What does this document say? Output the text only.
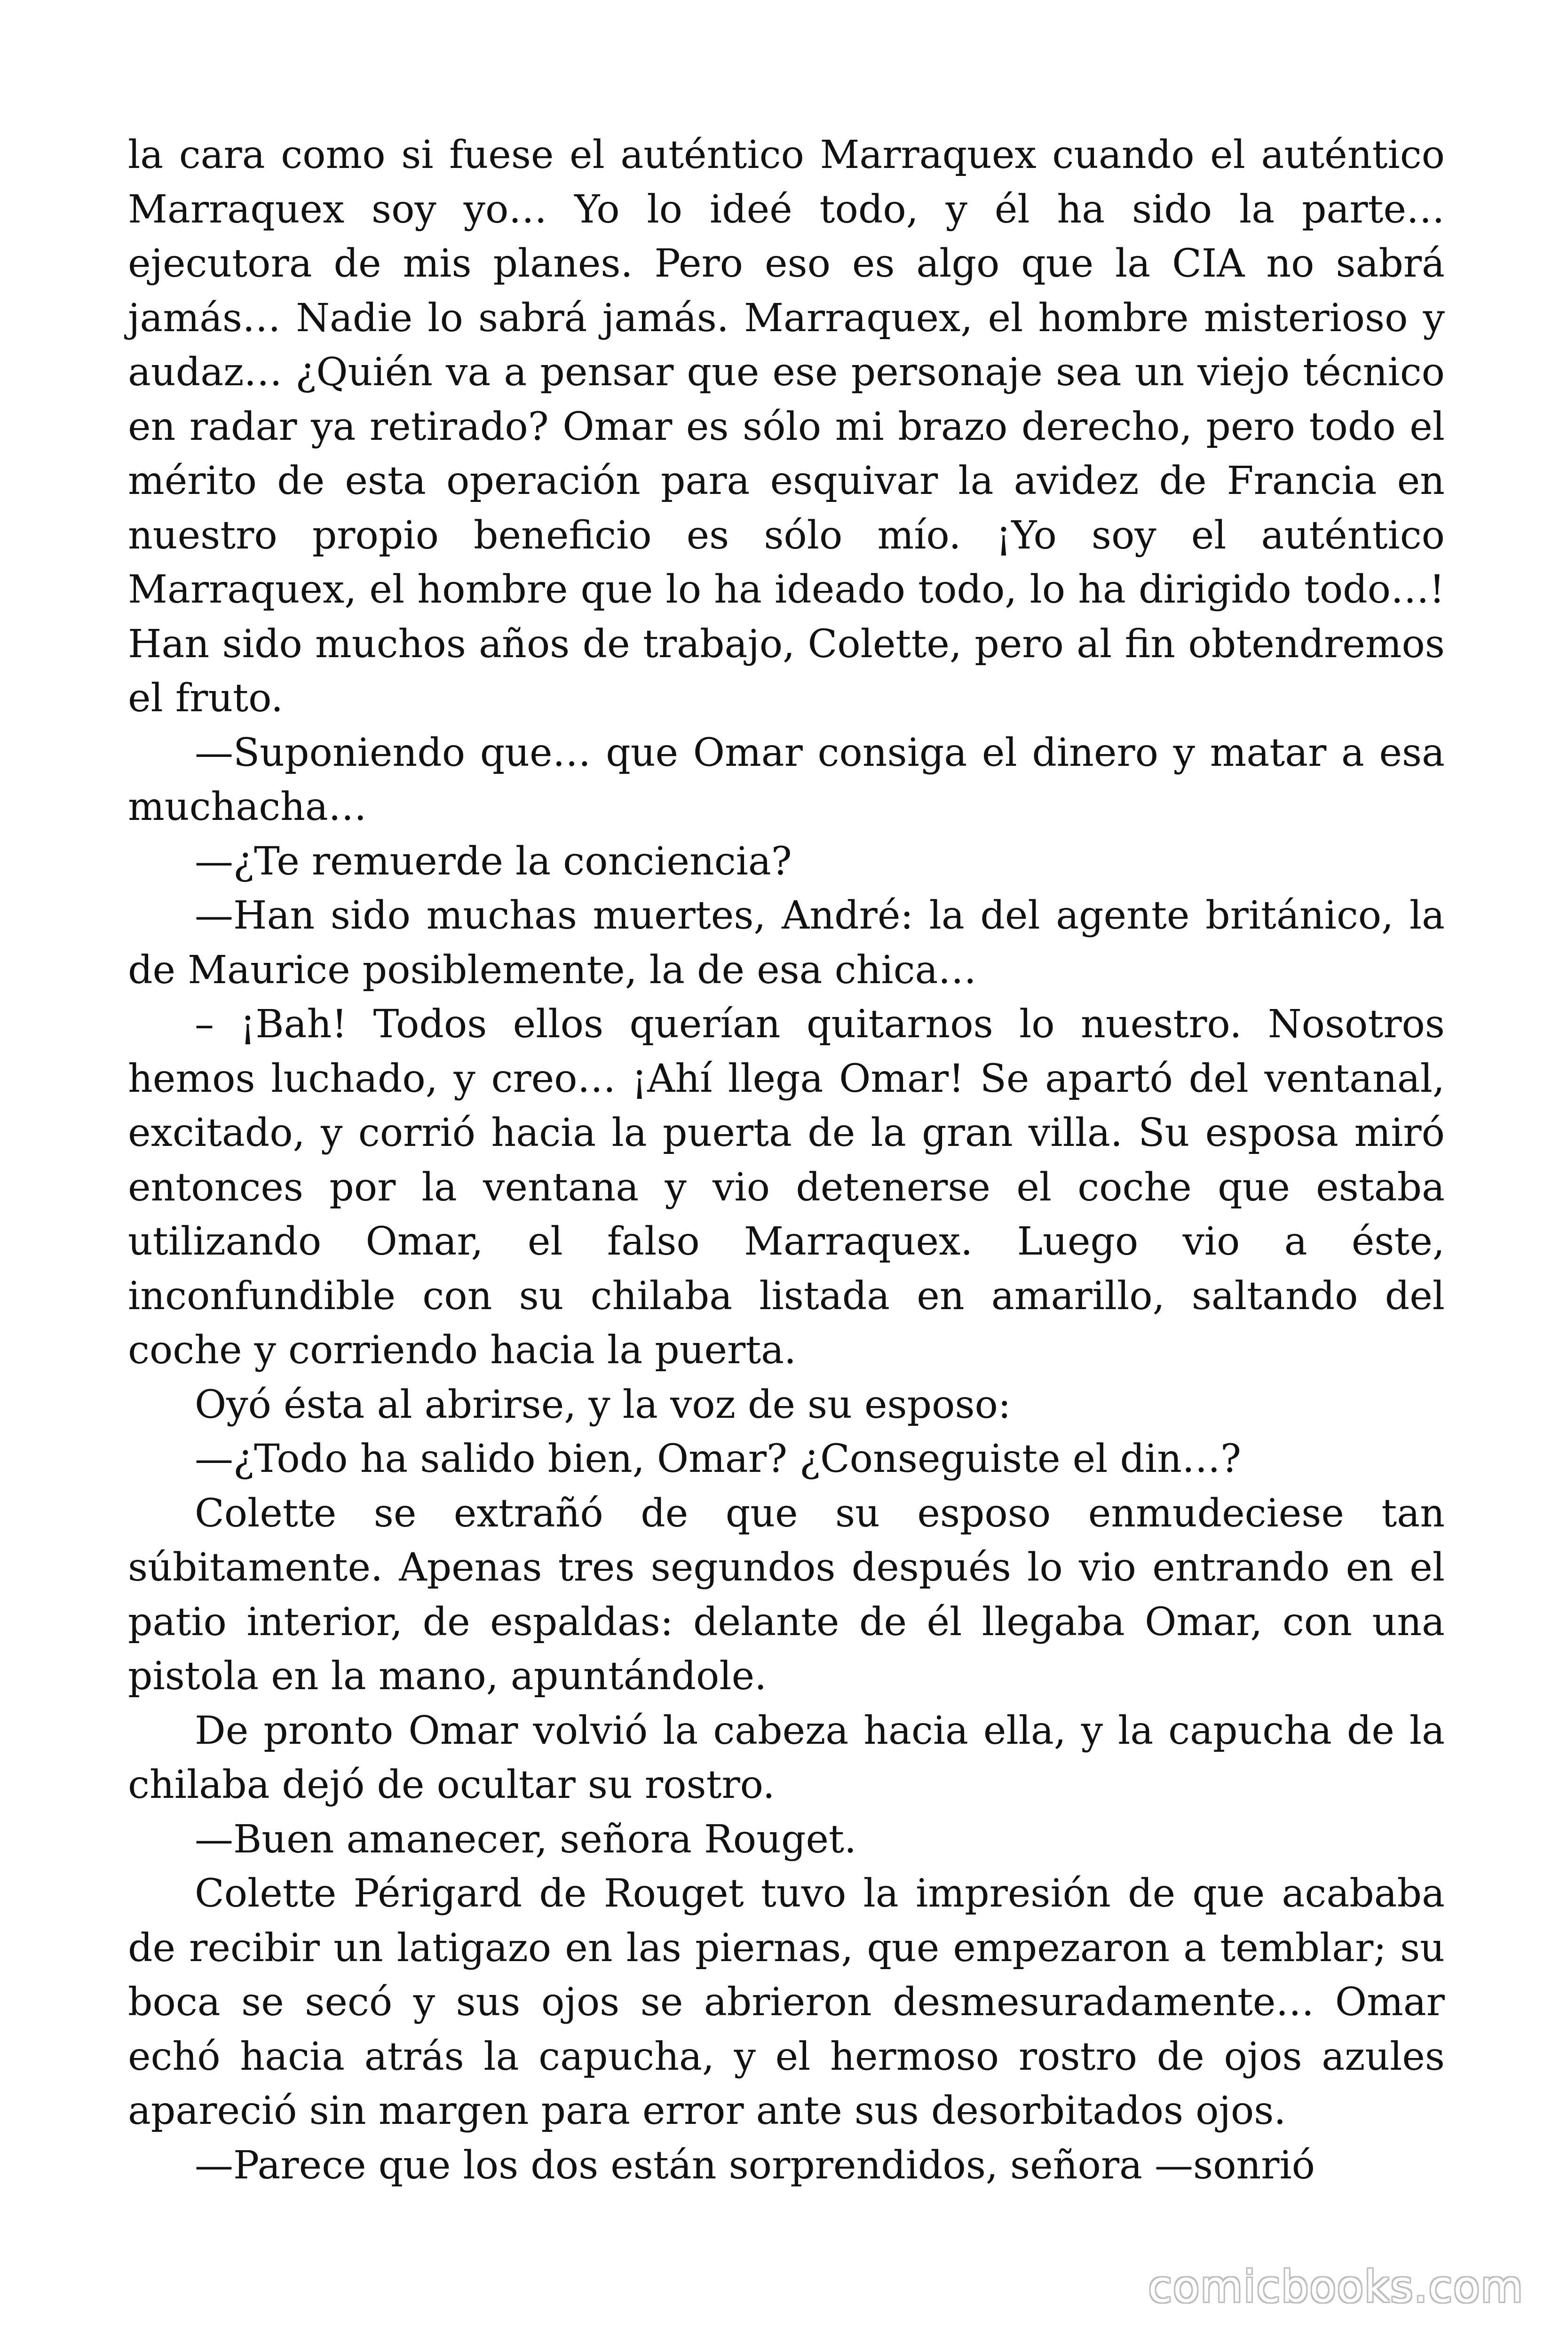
la cara como si fuese el auténtico Marraquex cuando el auténtico Marraquex soy yo… Yo lo ideé todo, y él ha sido la parte… ejecutora de mis planes. Pero eso es algo que la CIA no sabrá jamás… Nadie lo sabrá jamás. Marraquex, el hombre misterioso y audaz… ¿Quién va a pensar que ese personaje sea un viejo técnico en radar ya retirado? Omar es sólo mi brazo derecho, pero todo el mérito de esta operación para esquivar la avidez de Francia en nuestro propio beneficio es sólo mío. ¡Yo soy el auténtico Marraquex, el hombre que lo ha ideado todo, lo ha dirigido todo…! Han sido muchos años de trabajo, Colette, pero al fin obtendremos el fruto.

—Suponiendo que… que Omar consiga el dinero y matar a esa muchacha…

—¿Te remuerde la conciencia?

—Han sido muchas muertes, André: la del agente británico, la de Maurice posiblemente, la de esa chica…

– ¡Bah! Todos ellos querían quitarnos lo nuestro. Nosotros hemos luchado, y creo… ¡Ahí llega Omar! Se apartó del ventanal, excitado, y corrió hacia la puerta de la gran villa. Su esposa miró entonces por la ventana y vio detenerse el coche que estaba utilizando Omar, el falso Marraquex. Luego vio a éste, inconfundible con su chilaba listada en amarillo, saltando del coche y corriendo hacia la puerta.

Oyó ésta al abrirse, y la voz de su esposo:

—¿Todo ha salido bien, Omar? ¿Conseguiste el din…?

Colette se extrañó de que su esposo enmudeciese tan súbitamente. Apenas tres segundos después lo vio entrando en el patio interior, de espaldas: delante de él llegaba Omar, con una pistola en la mano, apuntándole.

De pronto Omar volvió la cabeza hacia ella, y la capucha de la chilaba dejó de ocultar su rostro.

—Buen amanecer, señora Rouget.

Colette Périgard de Rouget tuvo la impresión de que acababa de recibir un latigazo en las piernas, que empezaron a temblar; su boca se secó y sus ojos se abrieron desmesuradamente… Omar echó hacia atrás la capucha, y el hermoso rostro de ojos azules apareció sin margen para error ante sus desorbitados ojos.

—Parece que los dos están sorprendidos, señora —sonrió

comicbooks.com
